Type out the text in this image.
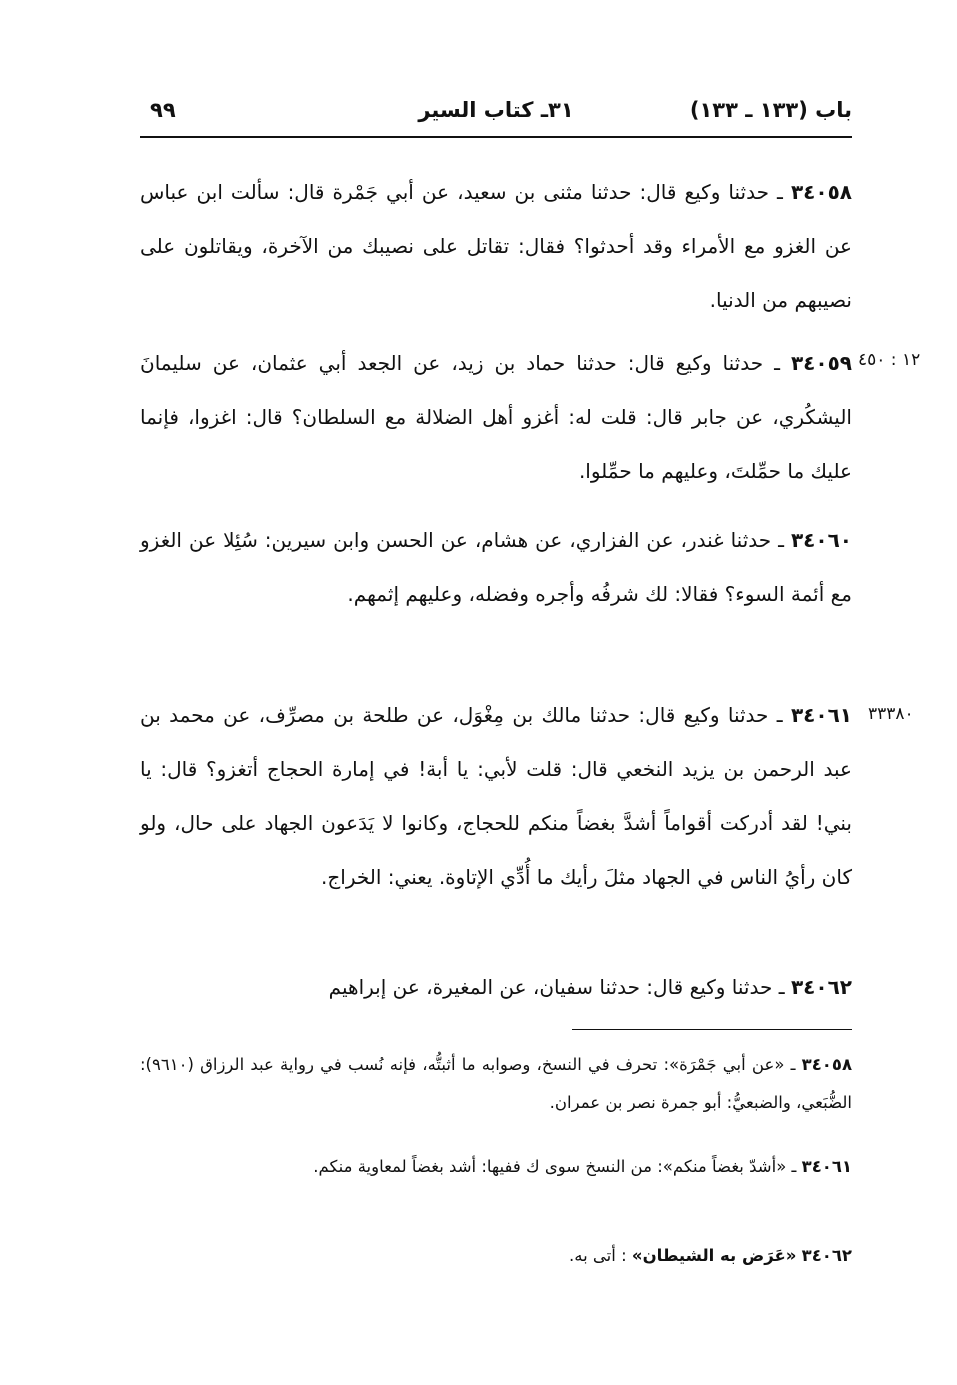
باب (١٣٣ ـ ١٣٣)
٣١ـ كتاب السير
٩٩
١٢ : ٤٥٠
٣٣٣٨٠
٣٤٠٥٨ ـ حدثنا وكيع قال: حدثنا مثنى بن سعيد، عن أبي جَمْرة قال: سألت ابن عباس عن الغزو مع الأمراء وقد أحدثوا؟ فقال: تقاتل على نصيبك من الآخرة، ويقاتلون على نصيبهم من الدنيا.
٣٤٠٥٩ ـ حدثنا وكيع قال: حدثنا حماد بن زيد، عن الجعد أبي عثمان، عن سليمانَ اليشكُري، عن جابر قال: قلت له: أغزو أهل الضلالة مع السلطان؟ قال: اغزوا، فإنما عليك ما حمِّلتَ، وعليهم ما حمِّلوا.
٣٤٠٦٠ ـ حدثنا غندر، عن الفزاري، عن هشام، عن الحسن وابن سيرين: سُئِلا عن الغزو مع أئمة السوء؟ فقالا: لك شرفُه وأجره وفضله، وعليهم إثمهم.
٣٤٠٦١ ـ حدثنا وكيع قال: حدثنا مالك بن مِغْوَل، عن طلحة بن مصرِّف، عن محمد بن عبد الرحمن بن يزيد النخعي قال: قلت لأبي: يا أبة! في إمارة الحجاج أتغزو؟ قال: يا بني! لقد أدركت أقواماً أشدَّ بغضاً منكم للحجاج، وكانوا لا يَدَعون الجهاد على حال، ولو كان رأيُ الناس في الجهاد مثلَ رأيك ما أُدِّي الإتاوة. يعني: الخراج.
٣٤٠٦٢ ـ حدثنا وكيع قال: حدثنا سفيان، عن المغيرة، عن إبراهيم
٣٤٠٥٨ ـ «عن أبي جَمْرَة»: تحرف في النسخ، وصوابه ما أثبتُّه، فإنه نُسب في رواية عبد الرزاق (٩٦١٠): الضُّبَعي، والضبعيُّ: أبو جمرة نصر بن عمران.
٣٤٠٦١ ـ «أشدّ بغضاً منكم»: من النسخ سوى ك ففيها: أشد بغضاً لمعاوية منكم.
٣٤٠٦٢ «عَرَض به الشيطان» : أتى به.
